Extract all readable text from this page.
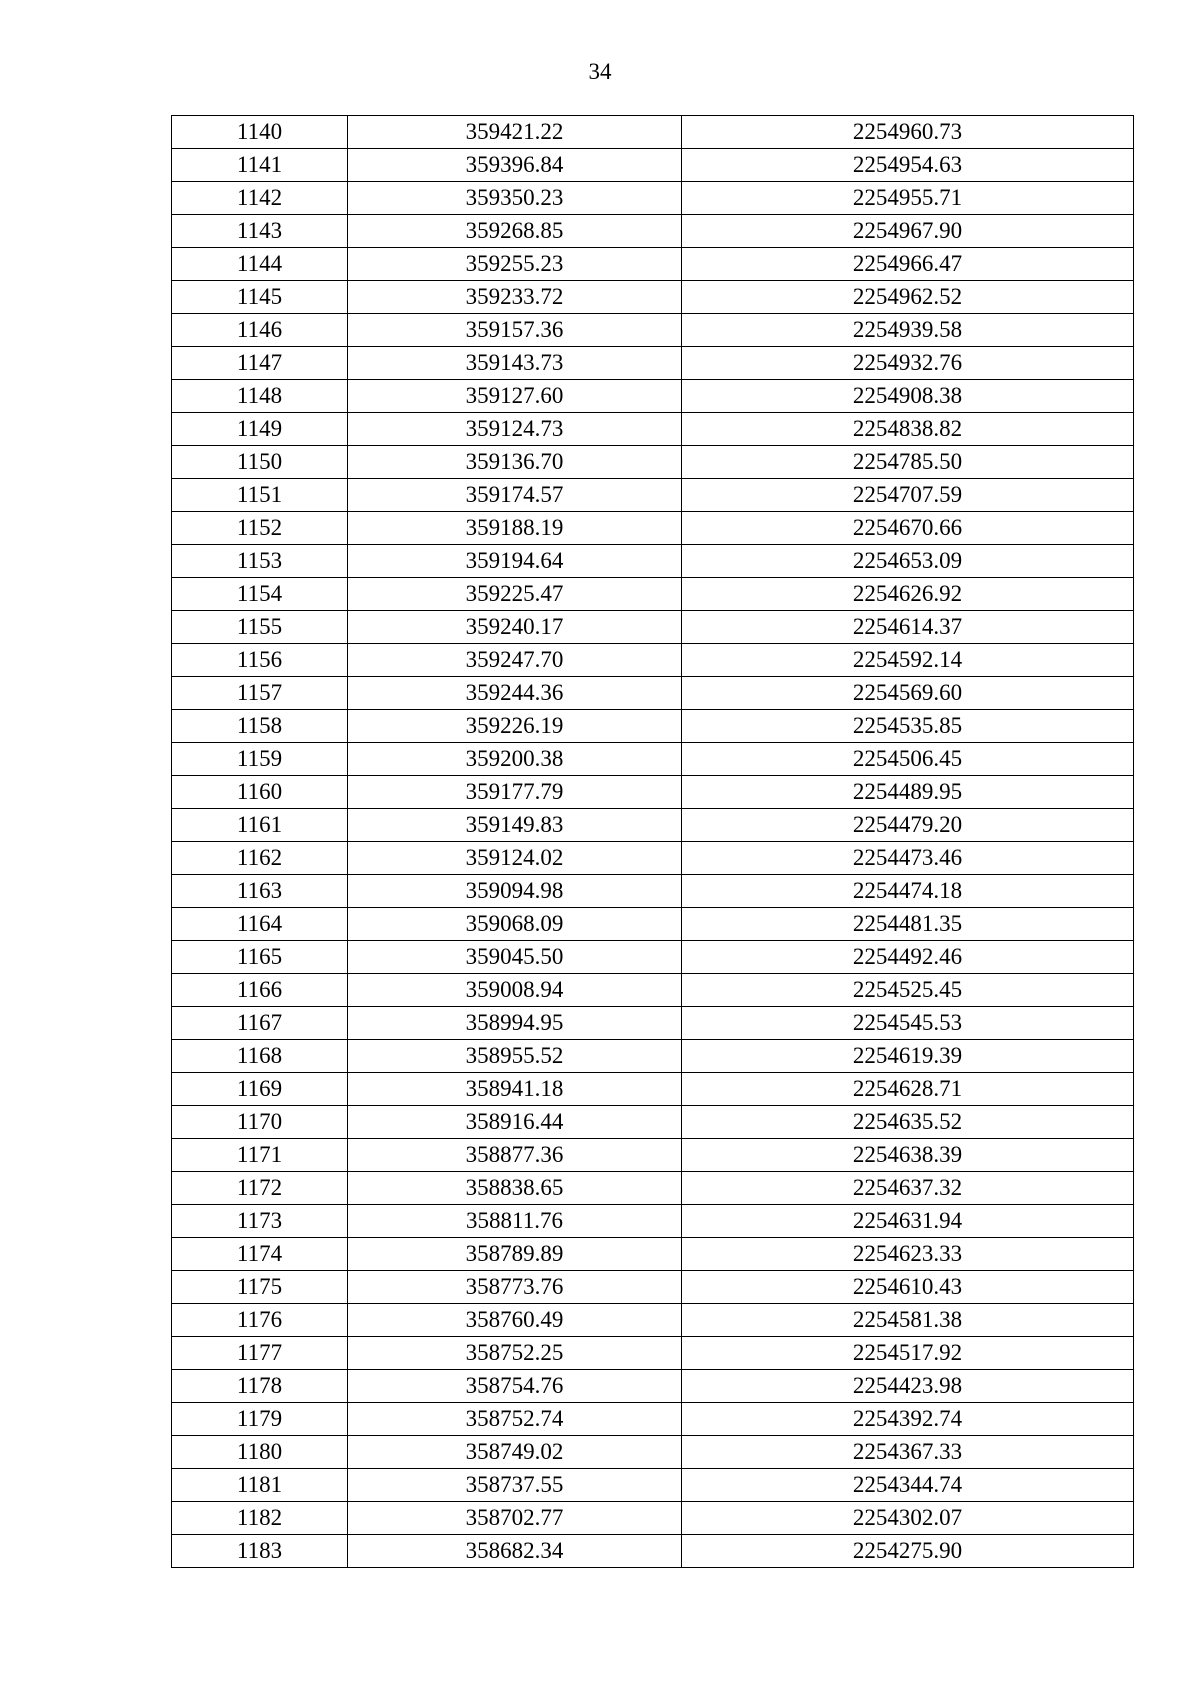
34
1140	359421.22	2254960.73
1141	359396.84	2254954.63
1142	359350.23	2254955.71
1143	359268.85	2254967.90
1144	359255.23	2254966.47
1145	359233.72	2254962.52
1146	359157.36	2254939.58
1147	359143.73	2254932.76
1148	359127.60	2254908.38
1149	359124.73	2254838.82
1150	359136.70	2254785.50
1151	359174.57	2254707.59
1152	359188.19	2254670.66
1153	359194.64	2254653.09
1154	359225.47	2254626.92
1155	359240.17	2254614.37
1156	359247.70	2254592.14
1157	359244.36	2254569.60
1158	359226.19	2254535.85
1159	359200.38	2254506.45
1160	359177.79	2254489.95
1161	359149.83	2254479.20
1162	359124.02	2254473.46
1163	359094.98	2254474.18
1164	359068.09	2254481.35
1165	359045.50	2254492.46
1166	359008.94	2254525.45
1167	358994.95	2254545.53
1168	358955.52	2254619.39
1169	358941.18	2254628.71
1170	358916.44	2254635.52
1171	358877.36	2254638.39
1172	358838.65	2254637.32
1173	358811.76	2254631.94
1174	358789.89	2254623.33
1175	358773.76	2254610.43
1176	358760.49	2254581.38
1177	358752.25	2254517.92
1178	358754.76	2254423.98
1179	358752.74	2254392.74
1180	358749.02	2254367.33
1181	358737.55	2254344.74
1182	358702.77	2254302.07
1183	358682.34	2254275.90
